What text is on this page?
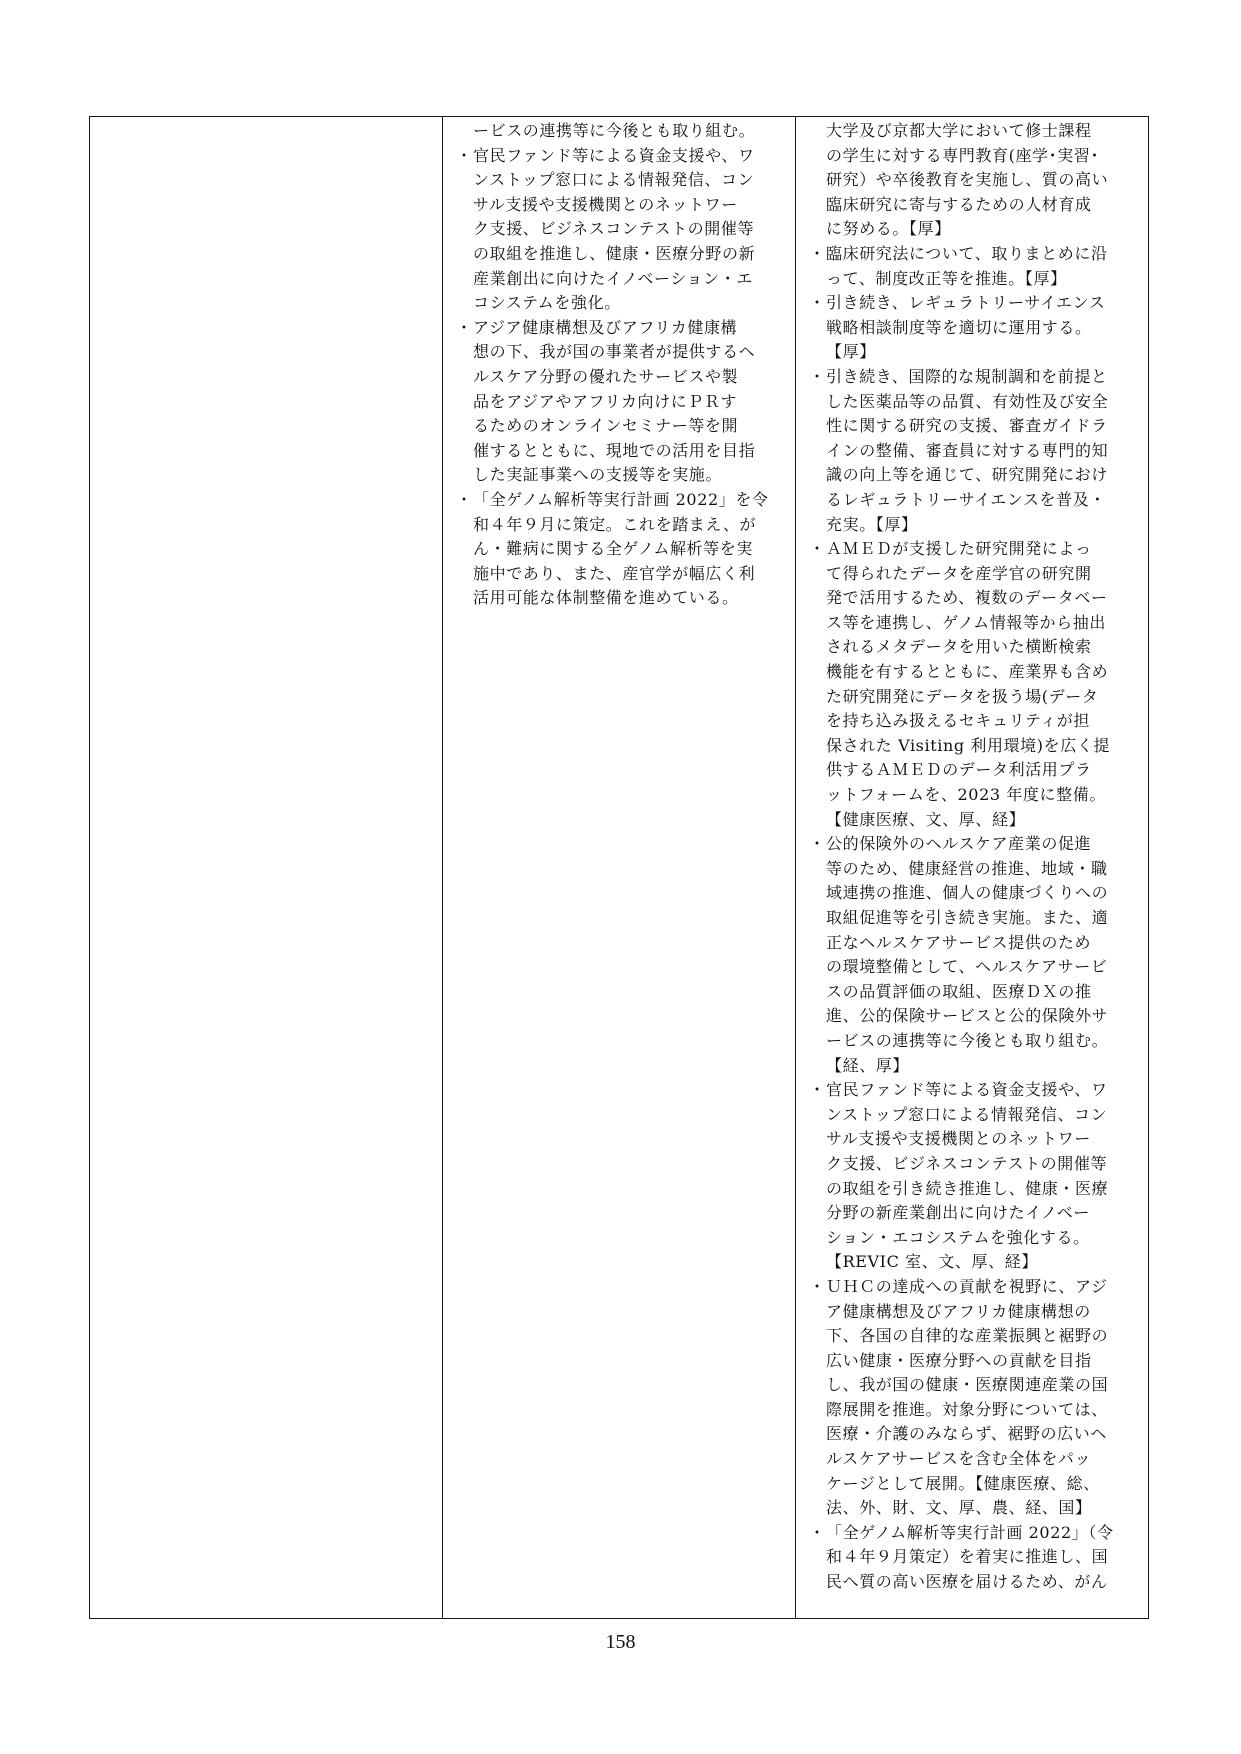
ービスの連携等に今後とも取り組む。
・ 官民ファンド等による資金支援や、ワ
ンストップ窓口による情報発信、コン
サル支援や支援機関とのネットワー
ク支援、ビジネスコンテストの開催等
の取組を推進し、健康・医療分野の新
産業創出に向けたイノベーション・エ
コシステムを強化。
・ アジア健康構想及びアフリカ健康構
想の下、我が国の事業者が提供するヘ
ルスケア分野の優れたサービスや製
品をアジアやアフリカ向けにＰＲす
るためのオンラインセミナー等を開
催するとともに、現地での活用を目指
した実証事業への支援等を実施。
・ 「全ゲノム解析等実行計画 2022」を令
和４年９月に策定。これを踏まえ、が
ん・難病に関する全ゲノム解析等を実
施中であり、また、産官学が幅広く利
活用可能な体制整備を進めている。
大学及び京都大学において修士課程
の学生に対する専門教育(座学･実習･
研究）や卒後教育を実施し、質の高い
臨床研究に寄与するための人材育成
に努める。【厚】
・ 臨床研究法について、取りまとめに沿
って、制度改正等を推進。【厚】
・ 引き続き、レギュラトリーサイエンス
戦略相談制度等を適切に運用する。
【厚】
・ 引き続き、国際的な規制調和を前提と
した医薬品等の品質、有効性及び安全
性に関する研究の支援、審査ガイドラ
インの整備、審査員に対する専門的知
識の向上等を通じて、研究開発におけ
るレギュラトリーサイエンスを普及・
充実。【厚】
・ ＡＭＥＤが支援した研究開発によっ
て得られたデータを産学官の研究開
発で活用するため、複数のデータベー
ス等を連携し、ゲノム情報等から抽出
されるメタデータを用いた横断検索
機能を有するとともに、産業界も含め
た研究開発にデータを扱う場(データ
を持ち込み扱えるセキュリティが担
保された Visiting 利用環境)を広く提
供するＡＭＥＤのデータ利活用プラ
ットフォームを、2023 年度に整備。
【健康医療、文、厚、経】
・ 公的保険外のヘルスケア産業の促進
等のため、健康経営の推進、地域・職
域連携の推進、個人の健康づくりへの
取組促進等を引き続き実施。また、適
正なヘルスケアサービス提供のため
の環境整備として、ヘルスケアサービ
スの品質評価の取組、医療ＤＸの推
進、公的保険サービスと公的保険外サ
ービスの連携等に今後とも取り組む。
【経、厚】
・ 官民ファンド等による資金支援や、ワ
ンストップ窓口による情報発信、コン
サル支援や支援機関とのネットワー
ク支援、ビジネスコンテストの開催等
の取組を引き続き推進し、健康・医療
分野の新産業創出に向けたイノベー
ション・エコシステムを強化する。
【REVIC 室、文、厚、経】
・ ＵＨＣの達成への貢献を視野に、アジ
ア健康構想及びアフリカ健康構想の
下、各国の自律的な産業振興と裾野の
広い健康・医療分野への貢献を目指
し、我が国の健康・医療関連産業の国
際展開を推進。対象分野については、
医療・介護のみならず、裾野の広いヘ
ルスケアサービスを含む全体をパッ
ケージとして展開。【健康医療、総、
法、外、財、文、厚、農、経、国】
・ 「全ゲノム解析等実行計画 2022」（令
和４年９月策定）を着実に推進し、国
民へ質の高い医療を届けるため、がん
158
